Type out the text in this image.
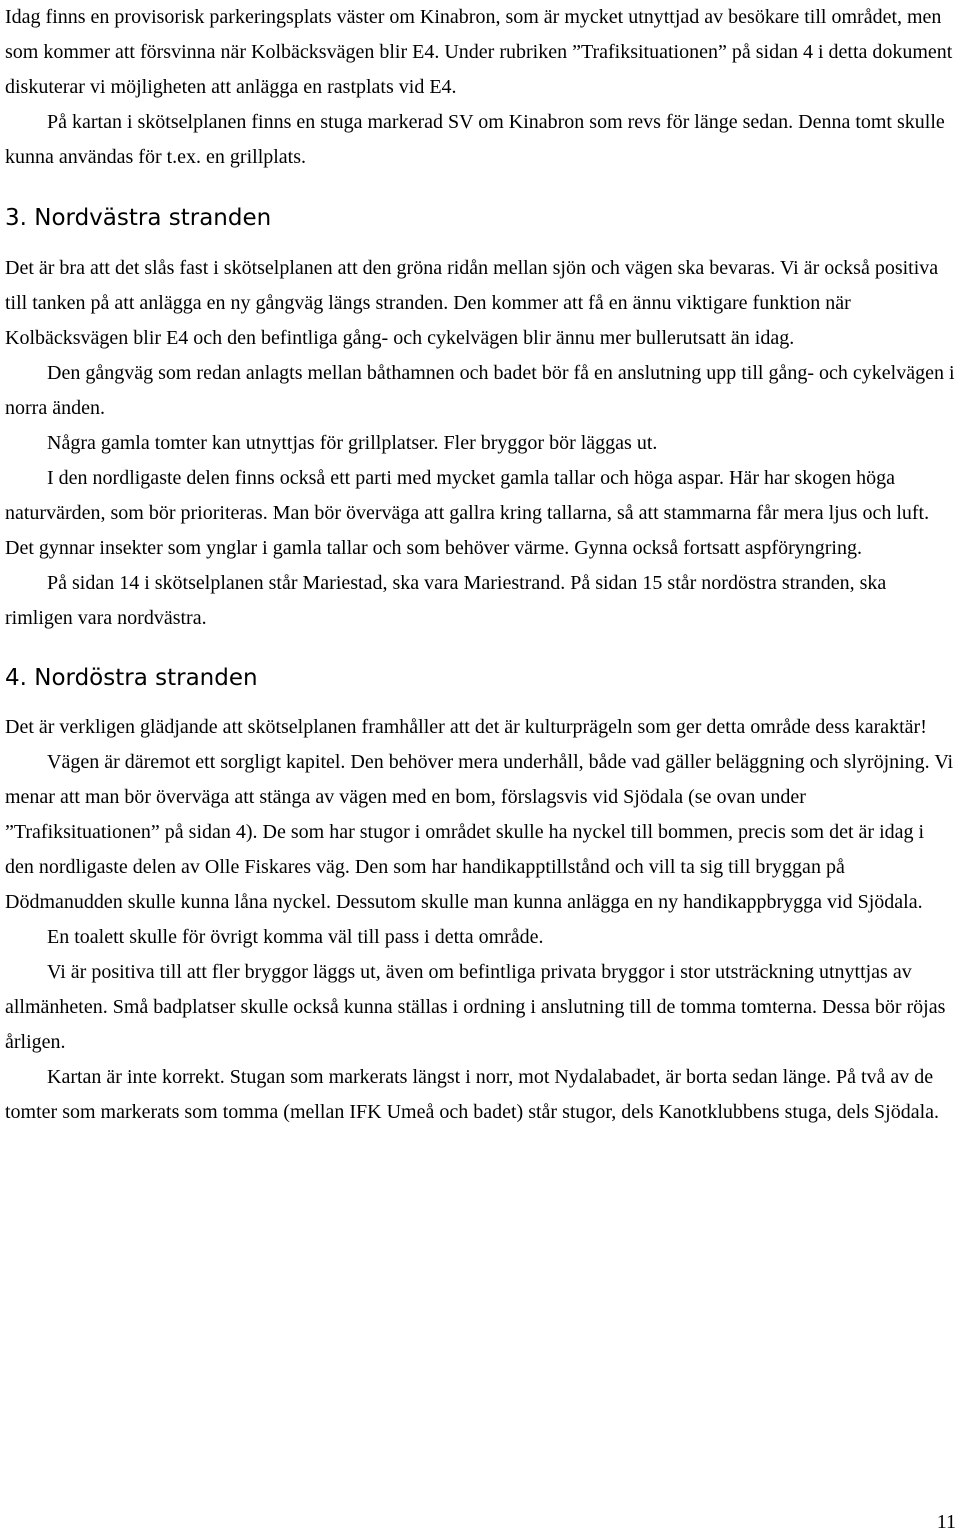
Idag finns en provisorisk parkeringsplats väster om Kinabron, som är mycket utnyttjad av besökare till området, men som kommer att försvinna när Kolbäcksvägen blir E4. Under rubriken ”Trafiksituationen” på sidan 4 i detta dokument diskuterar vi möjligheten att anlägga en rastplats vid E4.

På kartan i skötselplanen finns en stuga markerad SV om Kinabron som revs för länge sedan. Denna tomt skulle kunna användas för t.ex. en grillplats.

3. Nordvästra stranden

Det är bra att det slås fast i skötselplanen att den gröna ridån mellan sjön och vägen ska bevaras. Vi är också positiva till tanken på att anlägga en ny gångväg längs stranden. Den kommer att få en ännu viktigare funktion när Kolbäcksvägen blir E4 och den befintliga gång- och cykelvägen blir ännu mer bullerutsatt än idag.

Den gångväg som redan anlagts mellan båthamnen och badet bör få en anslutning upp till gång- och cykelvägen i norra änden.

Några gamla tomter kan utnyttjas för grillplatser. Fler bryggor bör läggas ut.

I den nordligaste delen finns också ett parti med mycket gamla tallar och höga aspar. Här har skogen höga naturvärden, som bör prioriteras. Man bör överväga att gallra kring tallarna, så att stammarna får mera ljus och luft. Det gynnar insekter som ynglar i gamla tallar och som behöver värme. Gynna också fortsatt aspföryngring.

På sidan 14 i skötselplanen står Mariestad, ska vara Mariestrand. På sidan 15 står nordöstra stranden, ska rimligen vara nordvästra.

4. Nordöstra stranden

Det är verkligen glädjande att skötselplanen framhåller att det är kulturprägeln som ger detta område dess karaktär!

Vägen är däremot ett sorgligt kapitel. Den behöver mera underhåll, både vad gäller beläggning och slyröjning. Vi menar att man bör överväga att stänga av vägen med en bom, förslagsvis vid Sjödala (se ovan under ”Trafiksituationen” på sidan 4). De som har stugor i området skulle ha nyckel till bommen, precis som det är idag i den nordligaste delen av Olle Fiskares väg. Den som har handikapptillstånd och vill ta sig till bryggan på Dödmanudden skulle kunna låna nyckel. Dessutom skulle man kunna anlägga en ny handikappbrygga vid Sjödala.

En toalett skulle för övrigt komma väl till pass i detta område.

Vi är positiva till att fler bryggor läggs ut, även om befintliga privata bryggor i stor utsträckning utnyttjas av allmänheten. Små badplatser skulle också kunna ställas i ordning i anslutning till de tomma tomterna. Dessa bör röjas årligen.

Kartan är inte korrekt. Stugan som markerats längst i norr, mot Nydalabadet, är borta sedan länge. På två av de tomter som markerats som tomma (mellan IFK Umeå och badet) står stugor, dels Kanotklubbens stuga, dels Sjödala.

11
